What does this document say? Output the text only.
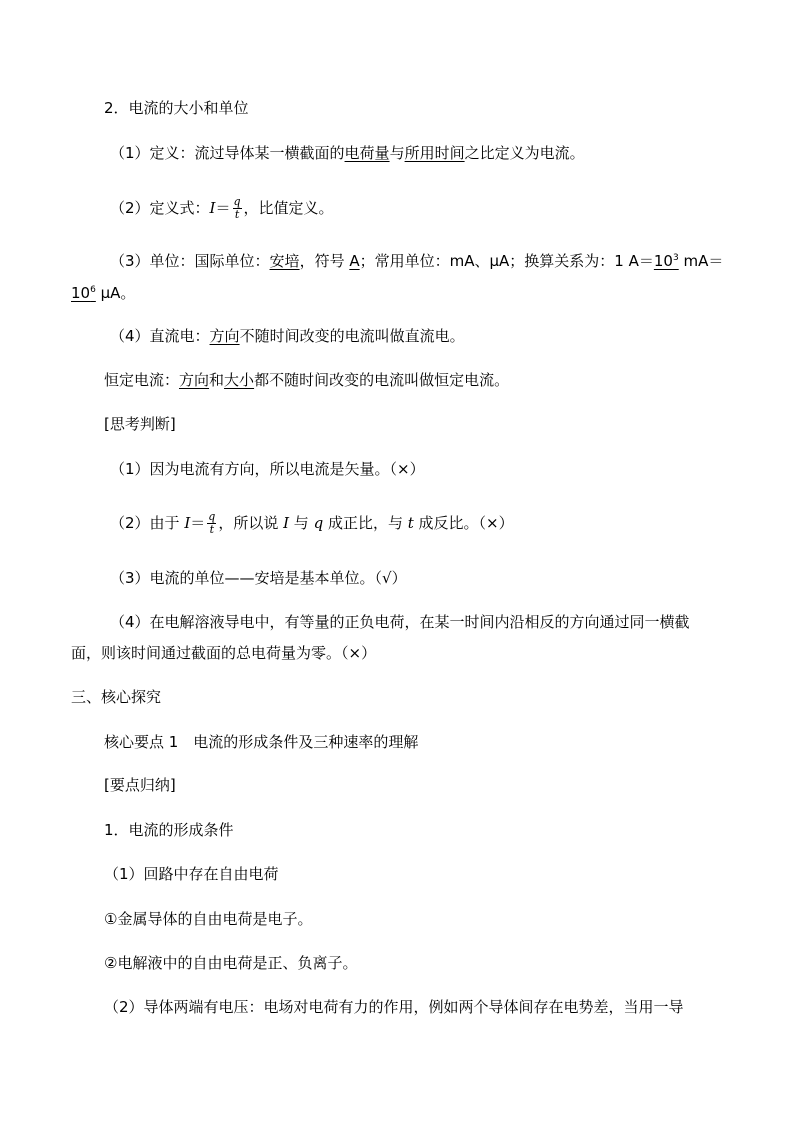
2．电流的大小和单位
（1）定义：流过导体某一横截面的电荷量与所用时间之比定义为电流。
（2）定义式：$I= \frac{q}{t}$ ，比值定义。
（3）单位：国际单位：安培，符号 A；常用单位：mA、μA；换算关系为：1 $A=10^3$ mA＝
$10^6$ μA。
（4）直流电：方向不随时间改变的电流叫做直流电。
恒定电流：方向和大小都不随时间改变的电流叫做恒定电流。
[思考判断]
（1）因为电流有方向，所以电流是矢量。（×）
（2）由于 $I= \frac{q}{t}$ ，所以说 I 与 q 成正比，与 t 成反比。（×）
（3）电流的单位——安培是基本单位。（√）
（4）在电解溶液导电中，有等量的正负电荷，在某一时间内沿相反的方向通过同一横截
面，则该时间通过截面的总电荷量为零。（×）
三、核心探究
核心要点 1　电流的形成条件及三种速率的理解
[要点归纳]
1．电流的形成条件
（1）回路中存在自由电荷
①金属导体的自由电荷是电子。
②电解液中的自由电荷是正、负离子。
（2）导体两端有电压：电场对电荷有力的作用，例如两个导体间存在电势差，当用一导
